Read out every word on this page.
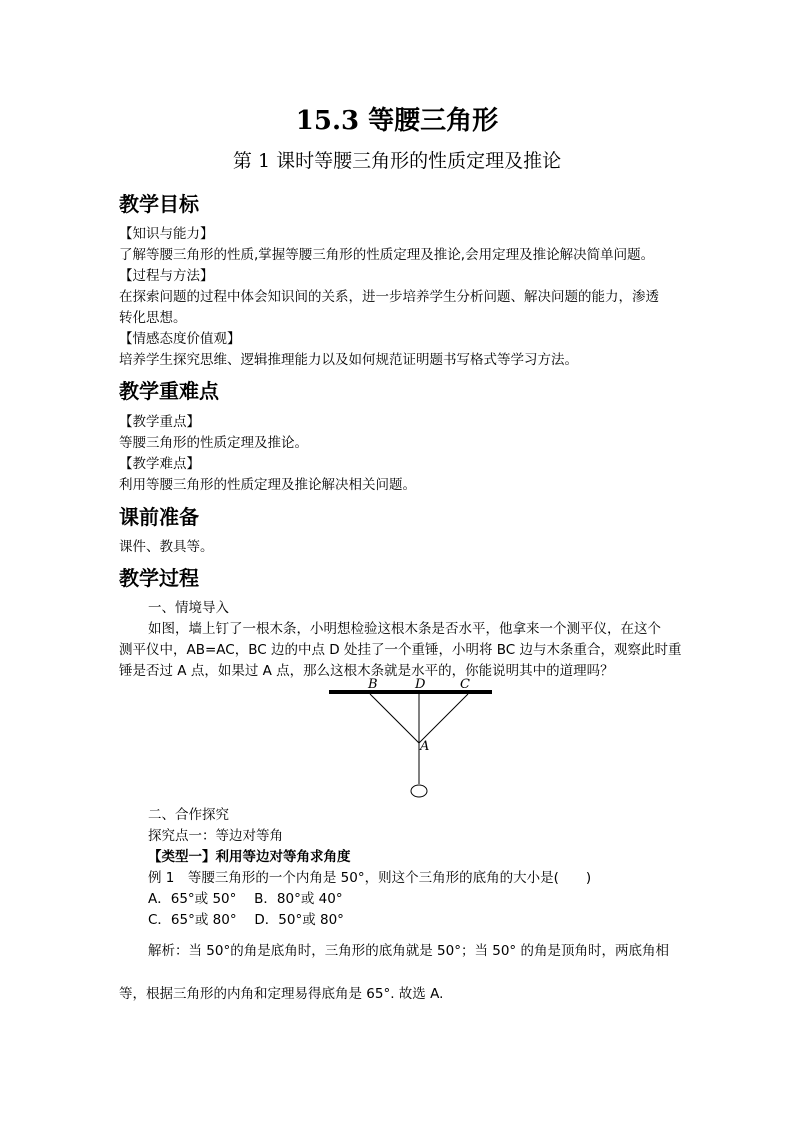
15.3 等腰三角形
第 1 课时等腰三角形的性质定理及推论
教学目标
【知识与能力】
了解等腰三角形的性质,掌握等腰三角形的性质定理及推论,会用定理及推论解决简单问题。
【过程与方法】
在探索问题的过程中体会知识间的关系，进一步培养学生分析问题、解决问题的能力，渗透
转化思想。
【情感态度价值观】
培养学生探究思维、逻辑推理能力以及如何规范证明题书写格式等学习方法。
教学重难点
【教学重点】
等腰三角形的性质定理及推论。
【教学难点】
利用等腰三角形的性质定理及推论解决相关问题。
课前准备
课件、教具等。
教学过程
一、情境导入
如图，墙上钉了一根木条，小明想检验这根木条是否水平，他拿来一个测平仪，在这个
测平仪中，AB=AC，BC 边的中点 D 处挂了一个重锤，小明将 BC 边与木条重合，观察此时重
锤是否过 A 点，如果过 A 点，那么这根木条就是水平的，你能说明其中的道理吗？
B	D	C
A
二、合作探究
探究点一：等边对等角
【类型一】利用等边对等角求角度
例 1　等腰三角形的一个内角是 50°，则这个三角形的底角的大小是(　　)
A．65°或 50°　 B．80°或 40°
C．65°或 80°　 D．50°或 80°
解析：当 50°的角是底角时，三角形的底角就是 50°；当 50° 的角是顶角时，两底角相
等，根据三角形的内角和定理易得底角是 65°. 故选 A.
